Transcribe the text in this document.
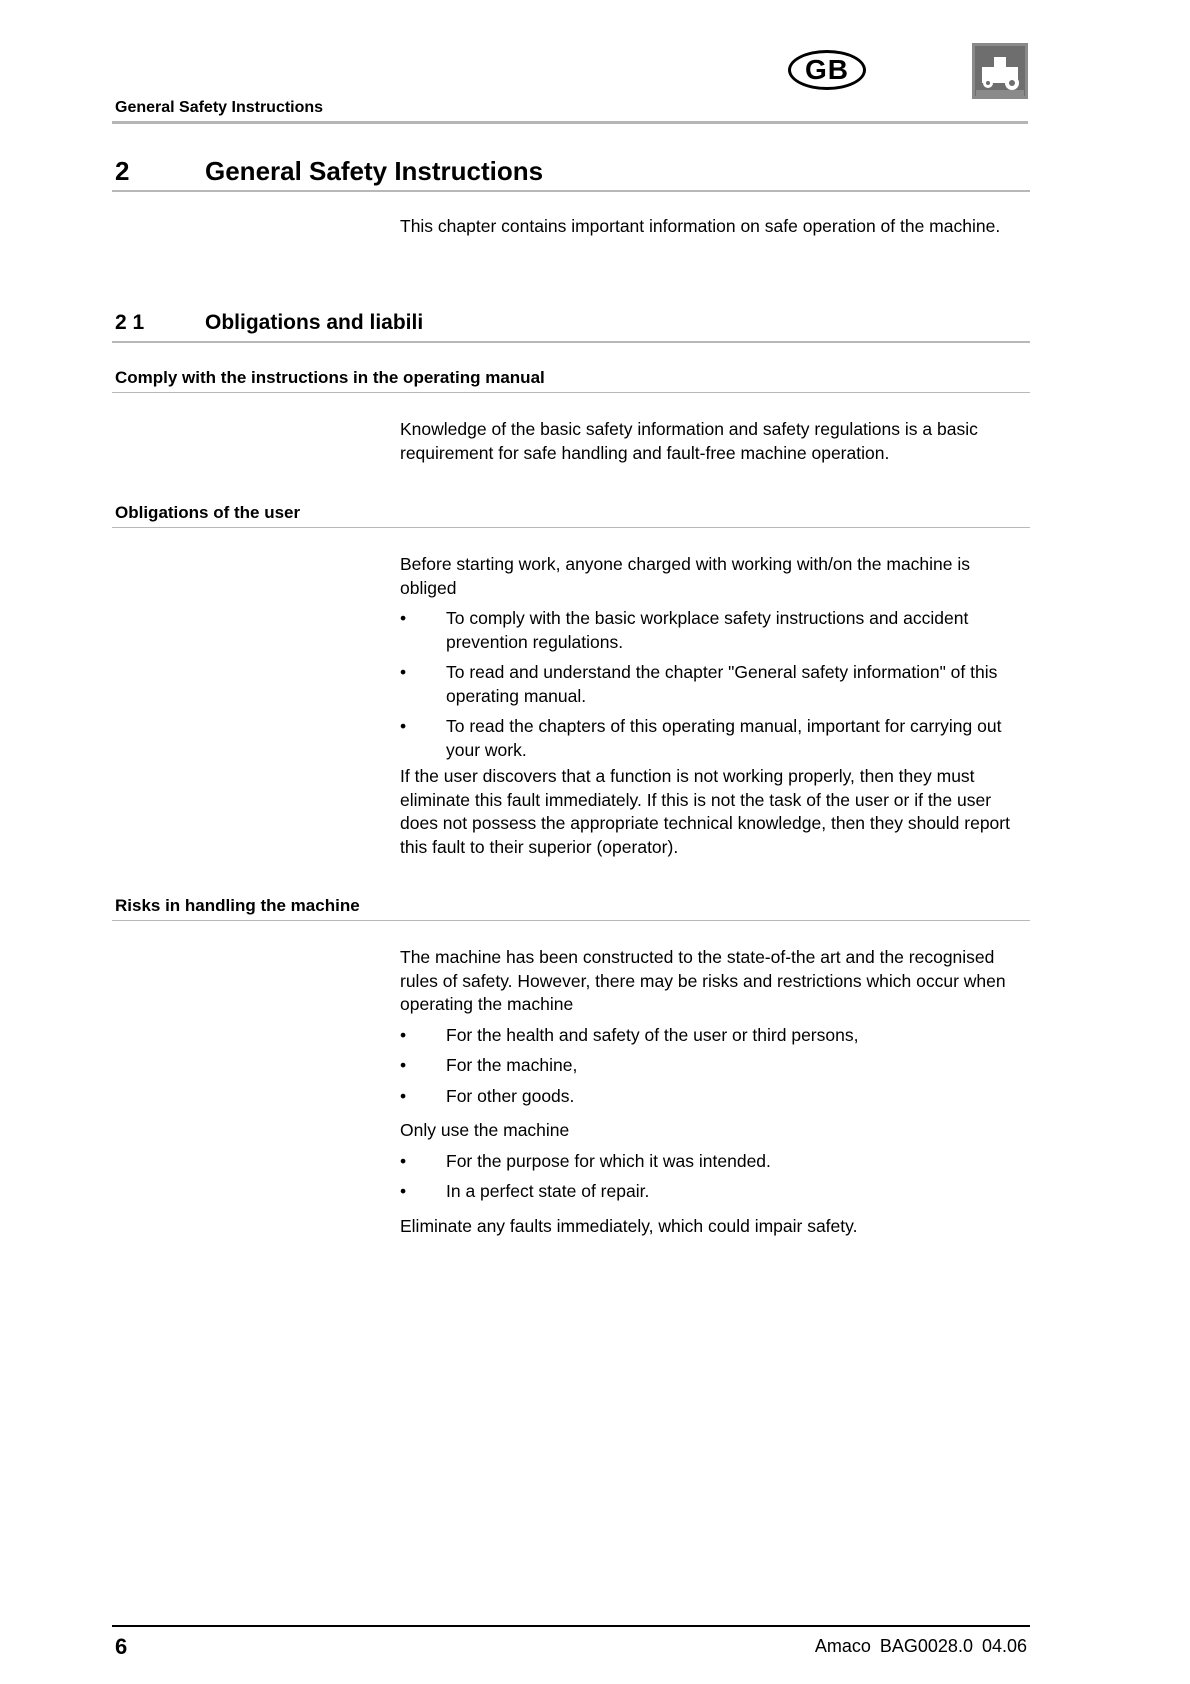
General Safety Instructions
GB
2	General Safety Instructions

This chapter contains important information on safe operation of the machine.

2 1	Obligations and liabili
Comply with the instructions in the operating manual

Knowledge of the basic safety information and safety regulations is a basic requirement for safe handling and fault-free machine operation.

Obligations of the user

Before starting work, anyone charged with working with/on the machine is obliged

• To comply with the basic workplace safety instructions and accident prevention regulations.
• To read and understand the chapter "General safety information" of this operating manual.
• To read the chapters of this operating manual, important for carrying out your work.

If the user discovers that a function is not working properly, then they must eliminate this fault immediately. If this is not the task of the user or if the user does not possess the appropriate technical knowledge, then they should report this fault to their superior (operator).

Risks in handling the machine

The machine has been constructed to the state-of-the art and the recognised rules of safety. However, there may be risks and restrictions which occur when operating the machine

• For the health and safety of the user or third persons,
• For the machine,
• For other goods.

Only use the machine

• For the purpose for which it was intended.
• In a perfect state of repair.

Eliminate any faults immediately, which could impair safety.

6	Amaco BAG0028.0 04.06
